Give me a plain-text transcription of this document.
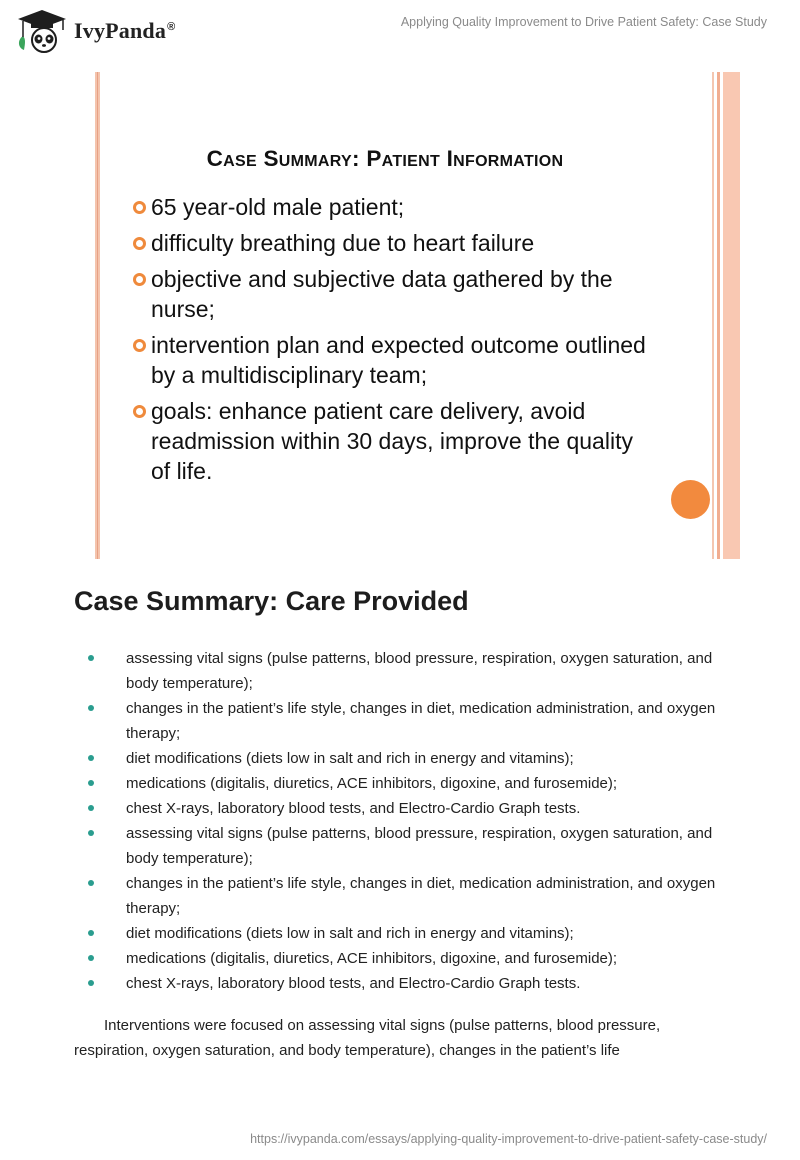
IvyPanda®	Applying Quality Improvement to Drive Patient Safety: Case Study
Case Summary: Patient Information
65 year-old male patient;
difficulty breathing due to heart failure
objective and subjective data gathered by the nurse;
intervention plan and expected outcome outlined by a multidisciplinary team;
goals: enhance patient care delivery, avoid readmission within 30 days, improve the quality of life.
Case Summary: Care Provided
assessing vital signs (pulse patterns, blood pressure, respiration, oxygen saturation, and body temperature);
changes in the patient’s life style, changes in diet, medication administration, and oxygen therapy;
diet modifications (diets low in salt and rich in energy and vitamins);
medications (digitalis, diuretics, ACE inhibitors, digoxine, and furosemide);
chest X-rays, laboratory blood tests, and Electro-Cardio Graph tests.
assessing vital signs (pulse patterns, blood pressure, respiration, oxygen saturation, and body temperature);
changes in the patient’s life style, changes in diet, medication administration, and oxygen therapy;
diet modifications (diets low in salt and rich in energy and vitamins);
medications (digitalis, diuretics, ACE inhibitors, digoxine, and furosemide);
chest X-rays, laboratory blood tests, and Electro-Cardio Graph tests.

Interventions were focused on assessing vital signs (pulse patterns, blood pressure, respiration, oxygen saturation, and body temperature), changes in the patient’s life

https://ivypanda.com/essays/applying-quality-improvement-to-drive-patient-safety-case-study/
